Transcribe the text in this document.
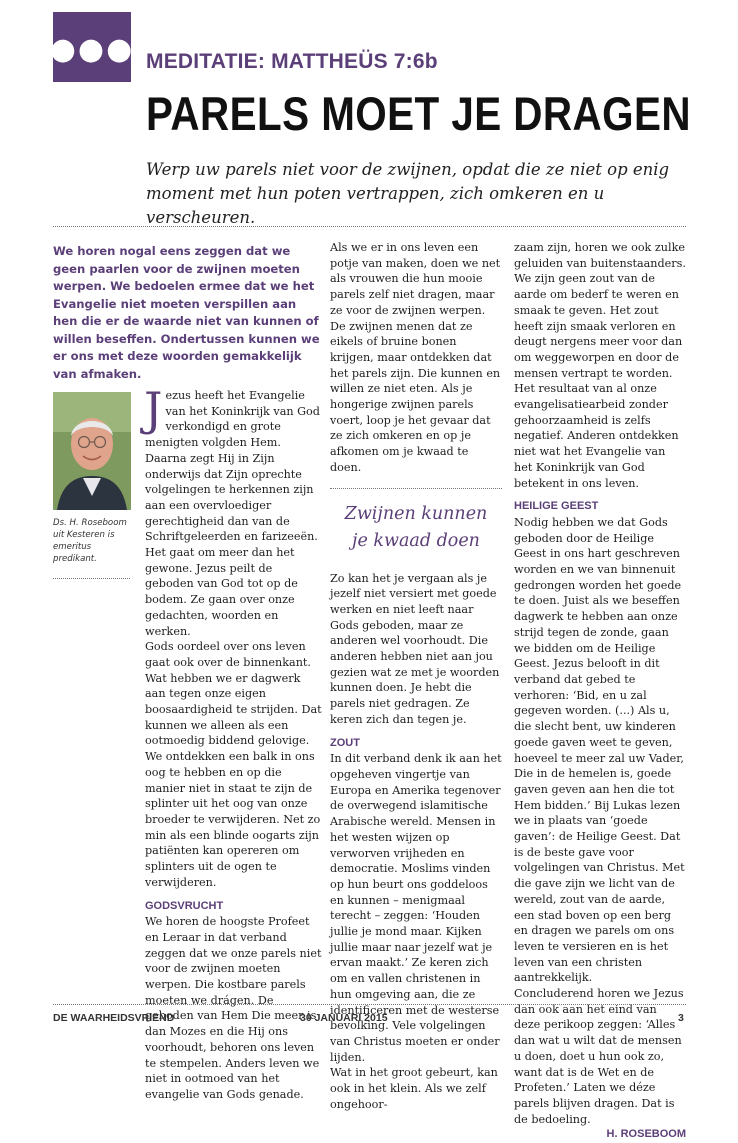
●●● MEDITATIE: MATTHEÜS 7:6b
PARELS MOET JE DRAGEN
Werp uw parels niet voor de zwijnen, opdat die ze niet op enig moment met hun poten vertrappen, zich omkeren en u verscheuren.
We horen nogal eens zeggen dat we geen paarlen voor de zwijnen moeten werpen. We bedoelen ermee dat we het Evangelie niet moeten verspillen aan hen die er de waarde niet van kunnen of willen beseffen. Ondertussen kunnen we er ons met deze woorden gemakkelijk van afmaken.
Ds. H. Roseboom uit Kesteren is emeritus predikant.

Jezus heeft het Evangelie van het Koninkrijk van God verkondigd en grote menigten volgden Hem. Daarna zegt Hij in Zijn onderwijs dat Zijn oprechte volgelingen te herkennen zijn aan een overvloediger gerechtigheid dan van de Schriftgeleerden en farizeeën. Het gaat om meer dan het gewone. Jezus peilt de geboden van God tot op de bodem. Ze gaan over onze gedachten, woorden en werken.

Gods oordeel over ons leven gaat ook over de binnenkant. Wat hebben we er dagwerk aan tegen onze eigen boosaardigheid te strijden. Dat kunnen we alleen als een ootmoedig biddend gelovige. We ontdekken een balk in ons oog te hebben en op die manier niet in staat te zijn de splinter uit het oog van onze broeder te verwijderen. Net zo min als een blinde oogarts zijn patiënten kan opereren om splinters uit de ogen te verwijderen.

GODSVRUCHT

We horen de hoogste Profeet en Leraar in dat verband zeggen dat we onze parels niet voor de zwijnen moeten werpen. Die kostbare parels moeten we drágen. De geboden van Hem Die meer is dan Mozes en die Hij ons voorhoudt, behoren ons leven te stempelen. Anders leven we niet in ootmoed van het evangelie van Gods genade.

Als we er in ons leven een potje van maken, doen we net als vrouwen die hun mooie parels zelf niet dragen, maar ze voor de zwijnen werpen. De zwijnen menen dat ze eikels of bruine bonen krijgen, maar ontdekken dat het parels zijn. Die kunnen en willen ze niet eten. Als je hongerige zwijnen parels voert, loop je het gevaar dat ze zich omkeren en op je afkomen om je kwaad te doen.

Zwijnen kunnen
je kwaad doen

Zo kan het je vergaan als je jezelf niet versiert met goede werken en niet leeft naar Gods geboden, maar ze anderen wel voorhoudt. Die anderen hebben niet aan jou gezien wat ze met je woorden kunnen doen. Je hebt die parels niet gedragen. Ze keren zich dan tegen je.

ZOUT

In dit verband denk ik aan het opgeheven vingertje van Europa en Amerika tegenover de overwegend islamitische Arabische wereld. Mensen in het westen wijzen op verworven vrijheden en democratie. Moslims vinden op hun beurt ons goddeloos en kunnen – menigmaal terecht – zeggen: ‘Houden jullie je mond maar. Kijken jullie maar naar jezelf wat je ervan maakt.’ Ze keren zich om en vallen christenen in hun omgeving aan, die ze identificeren met de westerse bevolking. Vele volgelingen van Christus moeten er onder lijden.

Wat in het groot gebeurt, kan ook in het klein. Als we zelf ongehoor-

zaam zijn, horen we ook zulke geluiden van buitenstaanders. We zijn geen zout van de aarde om bederf te weren en smaak te geven. Het zout heeft zijn smaak verloren en deugt nergens meer voor dan om weggeworpen en door de mensen vertrapt te worden.

Het resultaat van al onze evangelisatiearbeid zonder gehoorzaamheid is zelfs negatief. Anderen ontdekken niet wat het Evangelie van het Koninkrijk van God betekent in ons leven.

HEILIGE GEEST

Nodig hebben we dat Gods geboden door de Heilige Geest in ons hart geschreven worden en we van binnenuit gedrongen worden het goede te doen. Juist als we beseffen dagwerk te hebben aan onze strijd tegen de zonde, gaan we bidden om de Heilige Geest. Jezus belooft in dit verband dat gebed te verhoren: ‘Bid, en u zal gegeven worden. (...) Als u, die slecht bent, uw kinderen goede gaven weet te geven, hoeveel te meer zal uw Vader, Die in de hemelen is, goede gaven geven aan hen die tot Hem bidden.’ Bij Lukas lezen we in plaats van ‘goede gaven’: de Heilige Geest. Dat is de beste gave voor volgelingen van Christus. Met die gave zijn we licht van de wereld, zout van de aarde, een stad boven op een berg en dragen we parels om ons leven te versieren en is het leven van een christen aantrekkelijk.

Concluderend horen we Jezus dan ook aan het eind van deze perikoop zeggen: ‘Alles dan wat u wilt dat de mensen u doen, doet u hun ook zo, want dat is de Wet en de Profeten.’ Laten we déze parels blijven dragen. Dat is de bedoeling.

H. ROSEBOOM
DE WAARHEIDSVRIEND	30 JANUARI 2015	3
